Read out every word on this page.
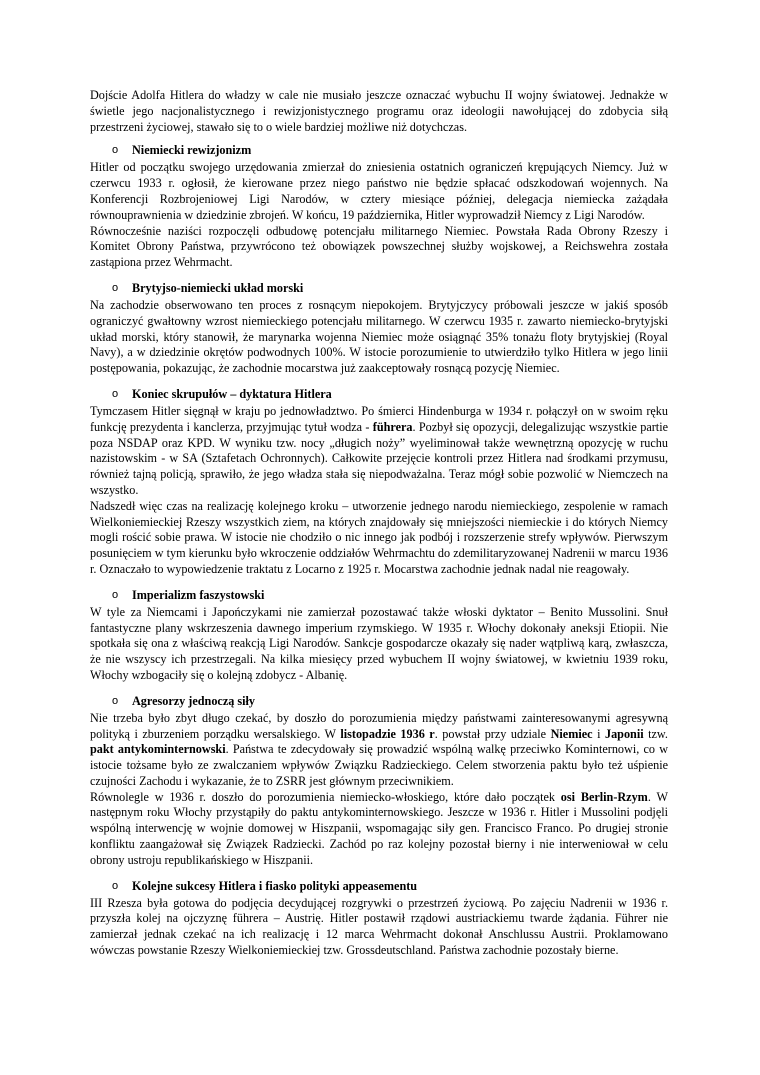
Dojście Adolfa Hitlera do władzy w cale nie musiało jeszcze oznaczać wybuchu II wojny światowej. Jednakże w świetle jego nacjonalistycznego i rewizjonistycznego programu oraz ideologii nawołującej do zdobycia siłą przestrzeni życiowej, stawało się to o wiele bardziej możliwe niż dotychczas.

o Niemiecki rewizjonizm

Hitler od początku swojego urzędowania zmierzał do zniesienia ostatnich ograniczeń krępujących Niemcy. Już w czerwcu 1933 r. ogłosił, że kierowane przez niego państwo nie będzie spłacać odszkodowań wojennych. Na Konferencji Rozbrojeniowej Ligi Narodów, w cztery miesiące później, delegacja niemiecka zażądała równouprawnienia w dziedzinie zbrojeń. W końcu, 19 października, Hitler wyprowadził Niemcy z Ligi Narodów.

Równocześnie naziści rozpoczęli odbudowę potencjału militarnego Niemiec. Powstała Rada Obrony Rzeszy i Komitet Obrony Państwa, przywrócono też obowiązek powszechnej służby wojskowej, a Reichswehra została zastąpiona przez Wehrmacht.

o Brytyjso-niemiecki układ morski

Na zachodzie obserwowano ten proces z rosnącym niepokojem. Brytyjczycy próbowali jeszcze w jakiś sposób ograniczyć gwałtowny wzrost niemieckiego potencjału militarnego. W czerwcu 1935 r. zawarto niemiecko-brytyjski układ morski, który stanowił, że marynarka wojenna Niemiec może osiągnąć 35% tonażu floty brytyjskiej (Royal Navy), a w dziedzinie okrętów podwodnych 100%. W istocie porozumienie to utwierdziło tylko Hitlera w jego linii postępowania, pokazując, że zachodnie mocarstwa już zaakceptowały rosnącą pozycję Niemiec.

o Koniec skrupułów – dyktatura Hitlera

Tymczasem Hitler sięgnął w kraju po jednowładztwo. Po śmierci Hindenburga w 1934 r. połączył on w swoim ręku funkcję prezydenta i kanclerza, przyjmując tytuł wodza - führera. Pozbył się opozycji, delegalizując wszystkie partie poza NSDAP oraz KPD. W wyniku tzw. nocy „długich noży” wyeliminował także wewnętrzną opozycję w ruchu nazistowskim - w SA (Sztafetach Ochronnych). Całkowite przejęcie kontroli przez Hitlera nad środkami przymusu, również tajną policją, sprawiło, że jego władza stała się niepodważalna. Teraz mógł sobie pozwolić w Niemczech na wszystko.

Nadszedł więc czas na realizację kolejnego kroku – utworzenie jednego narodu niemieckiego, zespolenie w ramach Wielkoniemieckiej Rzeszy wszystkich ziem, na których znajdowały się mniejszości niemieckie i do których Niemcy mogli rościć sobie prawa. W istocie nie chodziło o nic innego jak podbój i rozszerzenie strefy wpływów. Pierwszym posunięciem w tym kierunku było wkroczenie oddziałów Wehrmachtu do zdemilitaryzowanej Nadrenii w marcu 1936 r. Oznaczało to wypowiedzenie traktatu z Locarno z 1925 r. Mocarstwa zachodnie jednak nadal nie reagowały.

o Imperializm faszystowski

W tyle za Niemcami i Japończykami nie zamierzał pozostawać także włoski dyktator – Benito Mussolini. Snuł fantastyczne plany wskrzeszenia dawnego imperium rzymskiego. W 1935 r. Włochy dokonały aneksji Etiopii. Nie spotkała się ona z właściwą reakcją Ligi Narodów. Sankcje gospodarcze okazały się nader wątpliwą karą, zwłaszcza, że nie wszyscy ich przestrzegali. Na kilka miesięcy przed wybuchem II wojny światowej, w kwietniu 1939 roku, Włochy wzbogaciły się o kolejną zdobycz - Albanię.

o Agresorzy jednoczą siły

Nie trzeba było zbyt długo czekać, by doszło do porozumienia między państwami zainteresowanymi agresywną polityką i zburzeniem porządku wersalskiego. W listopadzie 1936 r. powstał przy udziale Niemiec i Japonii tzw. pakt antykominternowski. Państwa te zdecydowały się prowadzić wspólną walkę przeciwko Kominternowi, co w istocie tożsame było ze zwalczaniem wpływów Związku Radzieckiego. Celem stworzenia paktu było też uśpienie czujności Zachodu i wykazanie, że to ZSRR jest głównym przeciwnikiem.

Równolegle w 1936 r. doszło do porozumienia niemiecko-włoskiego, które dało początek osi Berlin-Rzym. W następnym roku Włochy przystąpiły do paktu antykominternowskiego. Jeszcze w 1936 r. Hitler i Mussolini podjęli wspólną interwencję w wojnie domowej w Hiszpanii, wspomagając siły gen. Francisco Franco. Po drugiej stronie konfliktu zaangażował się Związek Radziecki. Zachód po raz kolejny pozostał bierny i nie interweniował w celu obrony ustroju republikańskiego w Hiszpanii.

o Kolejne sukcesy Hitlera i fiasko polityki appeasementu

III Rzesza była gotowa do podjęcia decydującej rozgrywki o przestrzeń życiową. Po zajęciu Nadrenii w 1936 r. przyszła kolej na ojczyznę führera – Austrię. Hitler postawił rządowi austriackiemu twarde żądania. Führer nie zamierzał jednak czekać na ich realizację i 12 marca Wehrmacht dokonał Anschlussu Austrii. Proklamowano wówczas powstanie Rzeszy Wielkoniemieckiej tzw. Grossdeutschland. Państwa zachodnie pozostały bierne.
